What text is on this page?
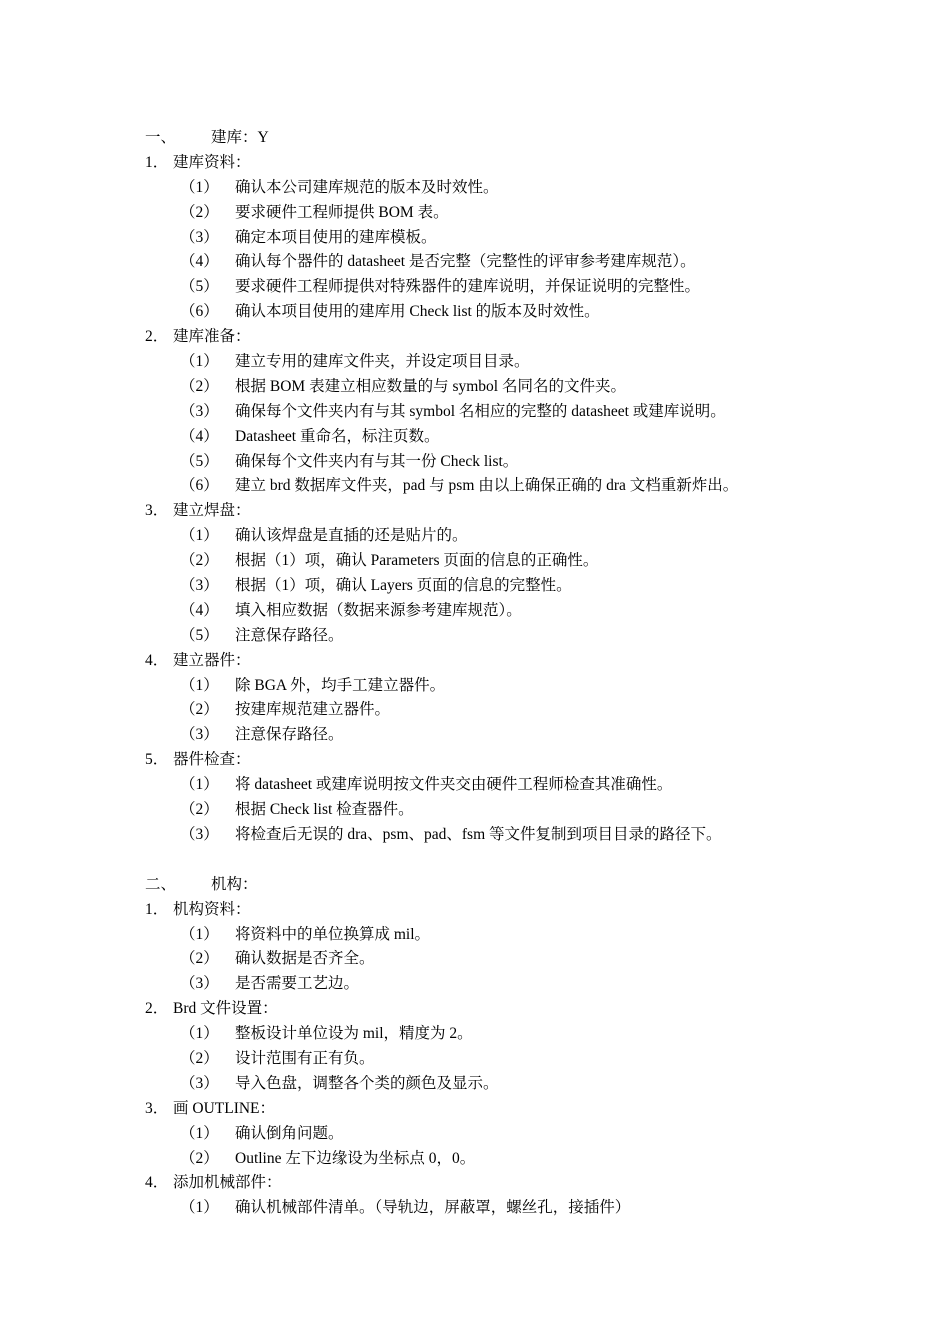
一、 建库：Y
1． 建库资料：
（1） 确认本公司建库规范的版本及时效性。
（2） 要求硬件工程师提供 BOM 表。
（3） 确定本项目使用的建库模板。
（4） 确认每个器件的 datasheet 是否完整（完整性的评审参考建库规范）。
（5） 要求硬件工程师提供对特殊器件的建库说明，并保证说明的完整性。
（6） 确认本项目使用的建库用 Check list 的版本及时效性。
2． 建库准备：
（1） 建立专用的建库文件夹，并设定项目目录。
（2） 根据 BOM 表建立相应数量的与 symbol 名同名的文件夹。
（3） 确保每个文件夹内有与其 symbol 名相应的完整的 datasheet 或建库说明。
（4） Datasheet 重命名，标注页数。
（5） 确保每个文件夹内有与其一份 Check list。
（6） 建立 brd 数据库文件夹，pad 与 psm 由以上确保正确的 dra 文档重新炸出。
3． 建立焊盘：
（1） 确认该焊盘是直插的还是贴片的。
（2） 根据（1）项，确认 Parameters 页面的信息的正确性。
（3） 根据（1）项，确认 Layers 页面的信息的完整性。
（4） 填入相应数据（数据来源参考建库规范）。
（5） 注意保存路径。
4． 建立器件：
（1） 除 BGA 外，均手工建立器件。
（2） 按建库规范建立器件。
（3） 注意保存路径。
5． 器件检查：
（1） 将 datasheet 或建库说明按文件夹交由硬件工程师检查其准确性。
（2） 根据 Check list 检查器件。
（3） 将检查后无误的 dra、psm、pad、fsm 等文件复制到项目目录的路径下。
二、 机构：
1． 机构资料：
（1） 将资料中的单位换算成 mil。
（2） 确认数据是否齐全。
（3） 是否需要工艺边。
2． Brd 文件设置：
（1） 整板设计单位设为 mil，精度为 2。
（2） 设计范围有正有负。
（3） 导入色盘，调整各个类的颜色及显示。
3． 画 OUTLINE：
（1） 确认倒角问题。
（2） Outline 左下边缘设为坐标点 0，0。
4． 添加机械部件：
（1） 确认机械部件清单。（导轨边，屏蔽罩，螺丝孔，接插件）
